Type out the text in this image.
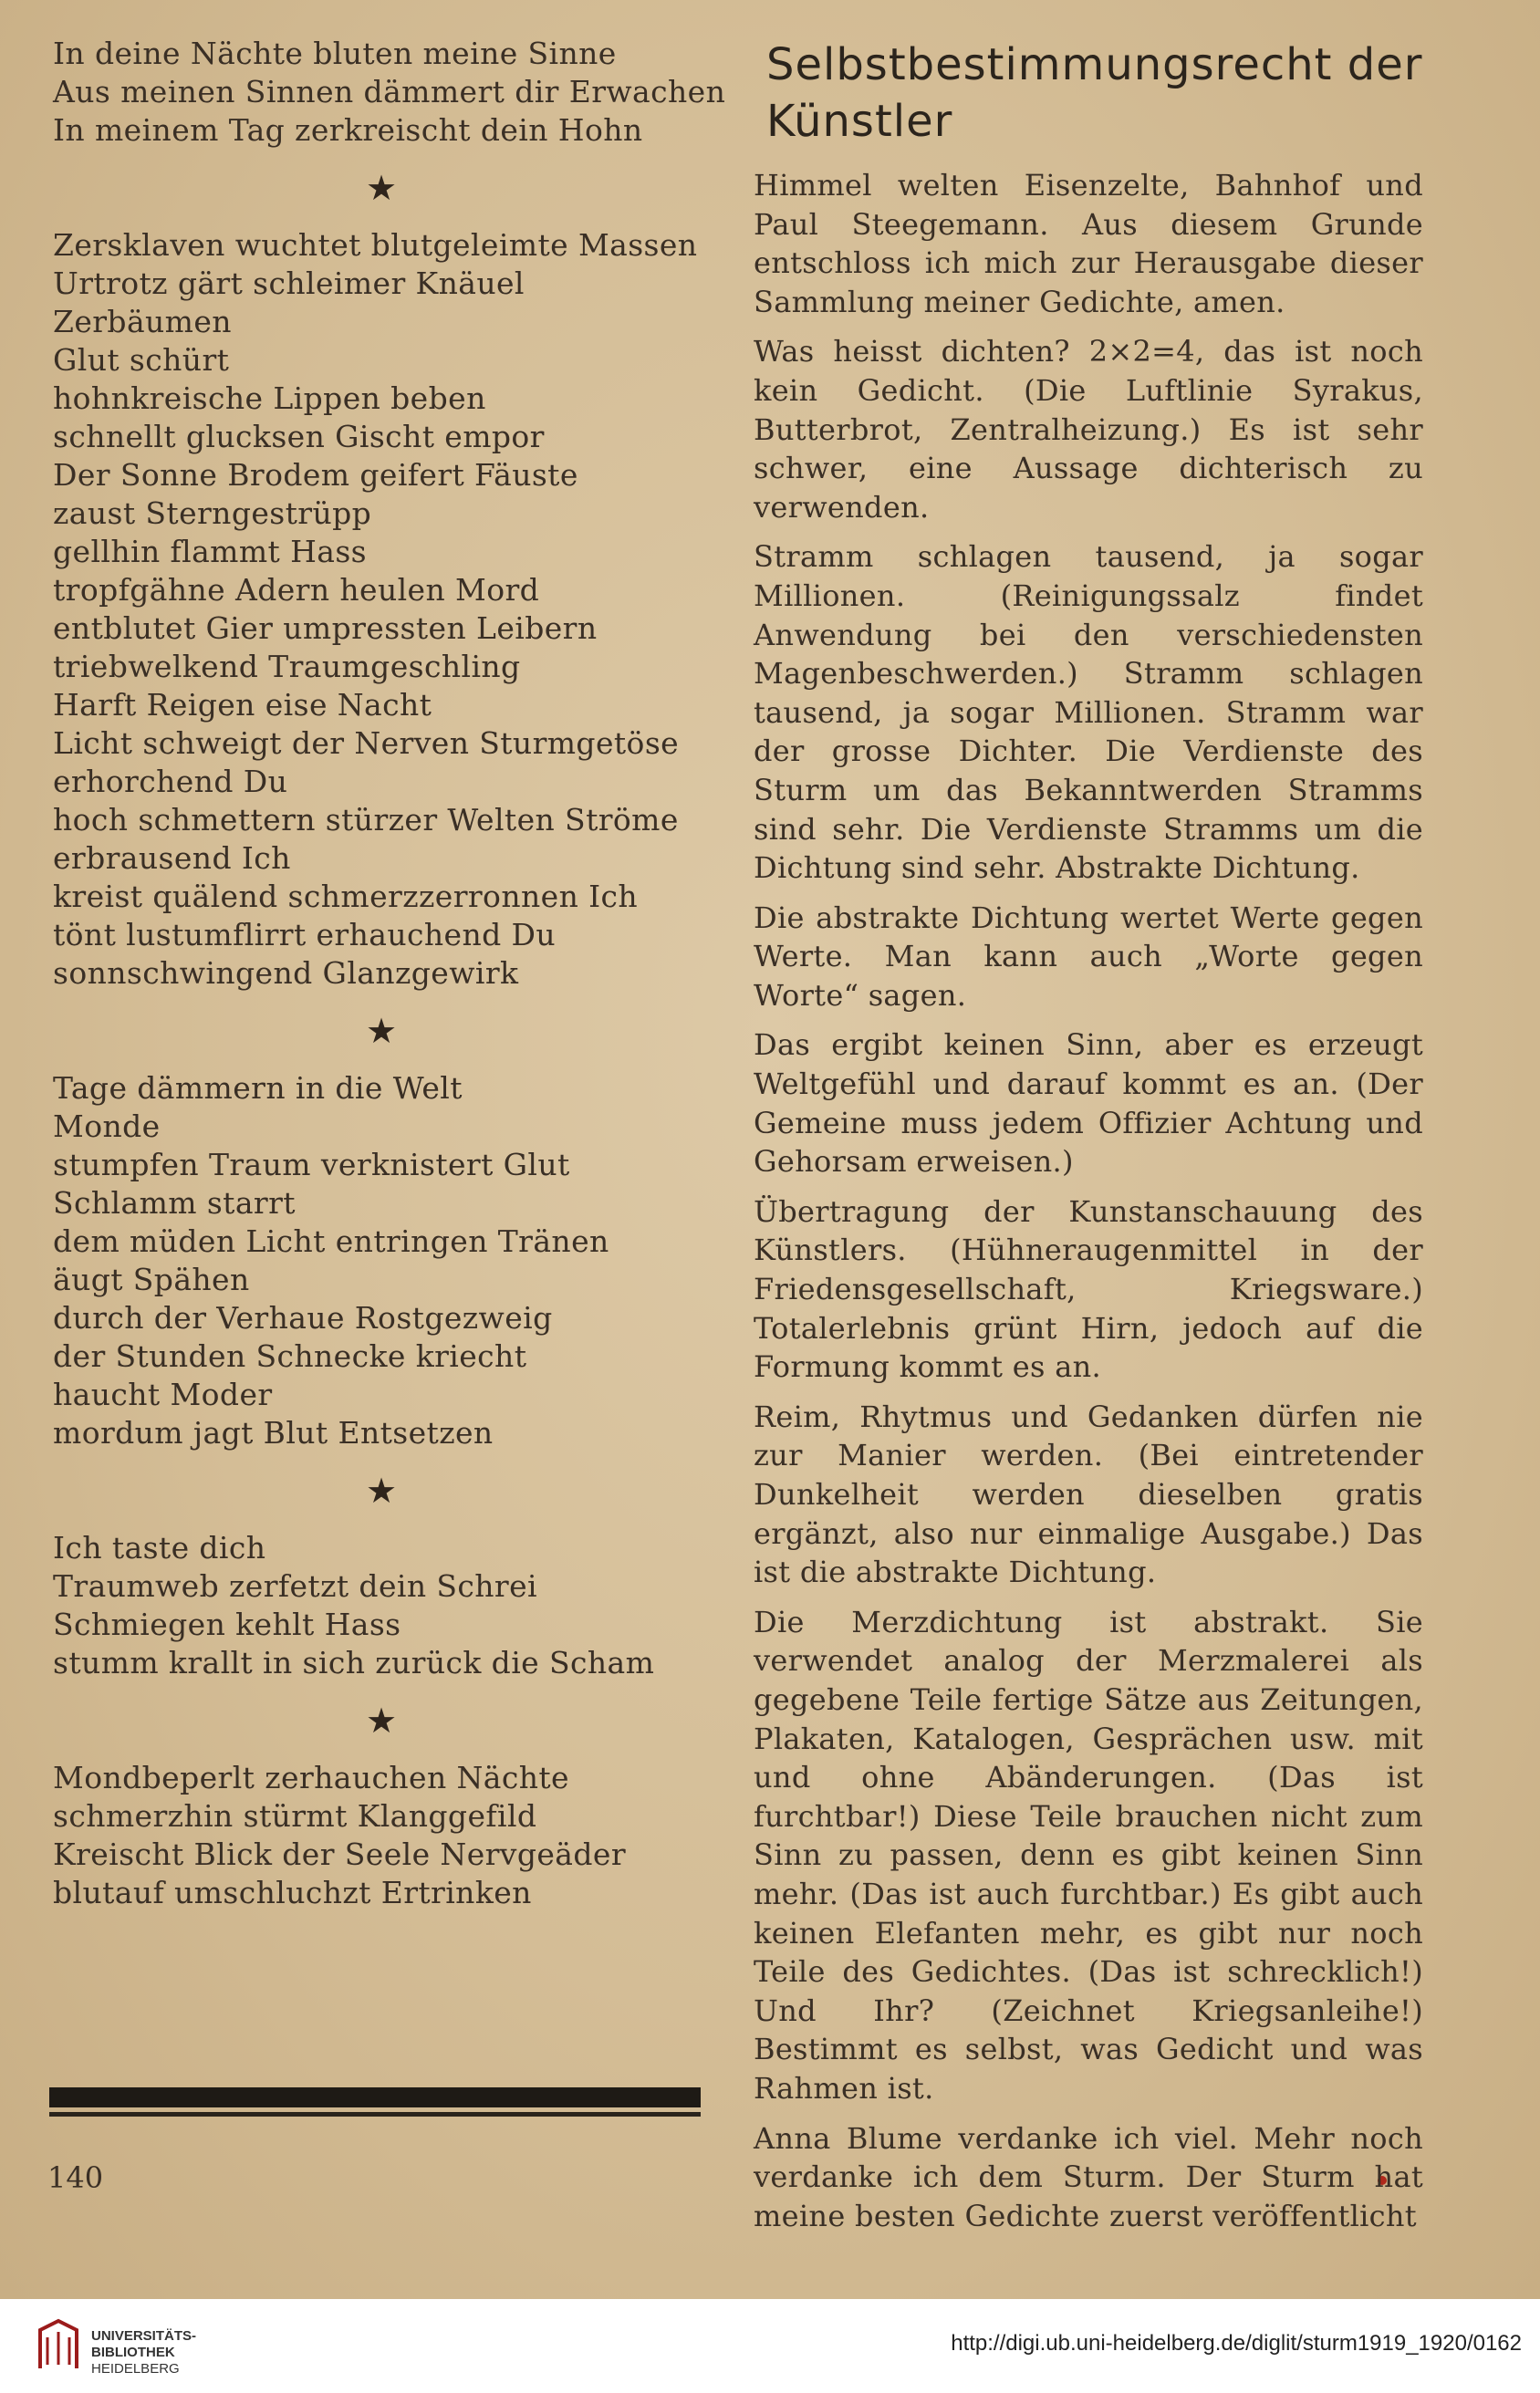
In deine Nächte bluten meine Sinne
Aus meinen Sinnen dämmert dir Erwachen
In meinem Tag zerkreischt dein Hohn
★
Zersklaven wuchtet blutgeleimte Massen
Urtrotz gärt schleimer Knäuel
Zerbäumen
Glut schürt
hohnkreische Lippen beben
schnellt glucksen Gischt empor
Der Sonne Brodem geifert Fäuste
zaust Sterngestrüpp
gellhin flammt Hass
tropfgähne Adern heulen Mord
entblutet Gier umpressten Leibern
triebwelkend Traumgeschling
Harft Reigen eise Nacht
Licht schweigt der Nerven Sturmgetöse
erhorchend Du
hoch schmettern stürzer Welten Ströme
erbrausend Ich
kreist quälend schmerzzerronnen Ich
tönt lustumflirrt erhauchend Du
sonnschwingend Glanzgewirk
★
Tage dämmern in die Welt
Monde
stumpfen Traum verknistert Glut
Schlamm starrt
dem müden Licht entringen Tränen
äugt Spähen
durch der Verhaue Rostgezweig
der Stunden Schnecke kriecht
haucht Moder
mordum jagt Blut Entsetzen
★
Ich taste dich
Traumweb zerfetzt dein Schrei
Schmiegen kehlt Hass
stumm krallt in sich zurück die Scham
★
Mondbeperlt zerhauchen Nächte
schmerzhin stürmt Klanggefild
Kreischt Blick der Seele Nervgeäder
blutauf umschluchzt Ertrinken
140
Selbstbestimmungsrecht der Künstler

Himmel welten Eisenzelte, Bahnhof und Paul Steegemann. Aus diesem Grunde entschloss ich mich zur Herausgabe dieser Sammlung meiner Gedichte, amen.

Was heisst dichten? 2×2=4, das ist noch kein Gedicht. (Die Luftlinie Syrakus, Butterbrot, Zentralheizung.) Es ist sehr schwer, eine Aussage dichterisch zu verwenden.

Stramm schlagen tausend, ja sogar Millionen. (Reinigungssalz findet Anwendung bei den verschiedensten Magenbeschwerden.) Stramm schlagen tausend, ja sogar Millionen. Stramm war der grosse Dichter. Die Verdienste des Sturm um das Bekanntwerden Stramms sind sehr. Die Verdienste Stramms um die Dichtung sind sehr. Abstrakte Dichtung.

Die abstrakte Dichtung wertet Werte gegen Werte. Man kann auch „Worte gegen Worte“ sagen.

Das ergibt keinen Sinn, aber es erzeugt Weltgefühl und darauf kommt es an. (Der Gemeine muss jedem Offizier Achtung und Gehorsam erweisen.)

Übertragung der Kunstanschauung des Künstlers. (Hühneraugenmittel in der Friedensgesellschaft, Kriegsware.) Totalerlebnis grünt Hirn, jedoch auf die Formung kommt es an.

Reim, Rhytmus und Gedanken dürfen nie zur Manier werden. (Bei eintretender Dunkelheit werden dieselben gratis ergänzt, also nur einmalige Ausgabe.) Das ist die abstrakte Dichtung.

Die Merzdichtung ist abstrakt. Sie verwendet analog der Merzmalerei als gegebene Teile fertige Sätze aus Zeitungen, Plakaten, Katalogen, Gesprächen usw. mit und ohne Abänderungen. (Das ist furchtbar!) Diese Teile brauchen nicht zum Sinn zu passen, denn es gibt keinen Sinn mehr. (Das ist auch furchtbar.) Es gibt auch keinen Elefanten mehr, es gibt nur noch Teile des Gedichtes. (Das ist schrecklich!) Und Ihr? (Zeichnet Kriegsanleihe!) Bestimmt es selbst, was Gedicht und was Rahmen ist.

Anna Blume verdanke ich viel. Mehr noch verdanke ich dem Sturm. Der Sturm hat meine besten Gedichte zuerst veröffentlicht

UNIVERSITÄTS-
BIBLIOTHEK
HEIDELBERG
http://digi.ub.uni-heidelberg.de/diglit/sturm1919_1920/0162
